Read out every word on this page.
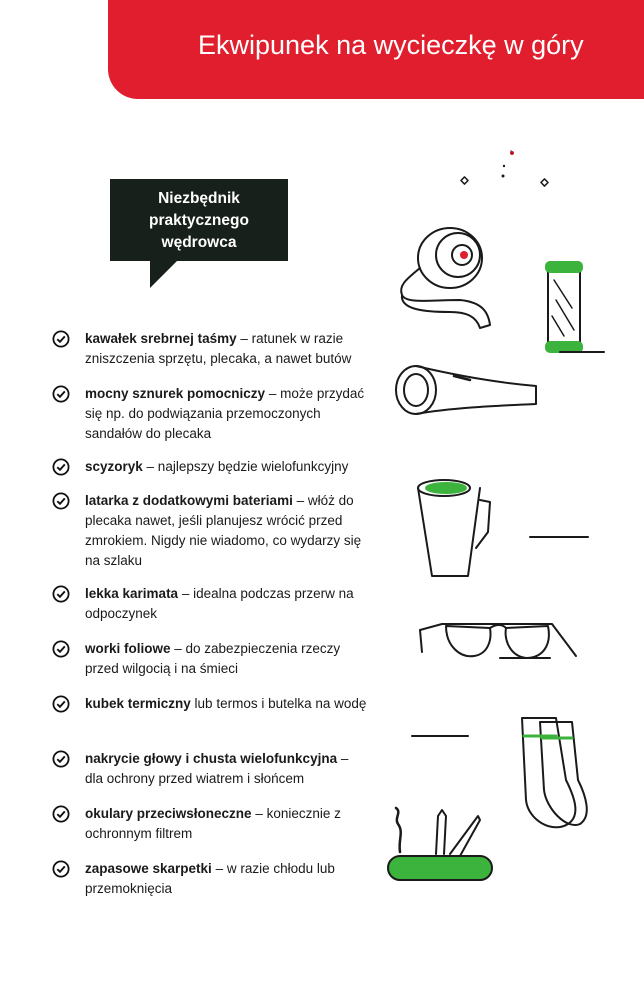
Ekwipunek na wycieczkę w góry
Niezbędnik
praktycznego
wędrowca
kawałek srebrnej taśmy – ratunek w razie zniszczenia sprzętu, plecaka, a nawet butów
mocny sznurek pomocniczy – może przydać się np. do podwiązania przemoczonych sandałów do plecaka
scyzoryk – najlepszy będzie wielofunkcyjny
latarka z dodatkowymi bateriami – włóż do plecaka nawet, jeśli planujesz wrócić przed zmrokiem. Nigdy nie wiadomo, co wydarzy się na szlaku
lekka karimata – idealna podczas przerw na odpoczynek
worki foliowe – do zabezpieczenia rzeczy przed wilgocią i na śmieci
kubek termiczny lub termos i butelka na wodę
nakrycie głowy i chusta wielofunkcyjna – dla ochrony przed wiatrem i słońcem
okulary przeciwsłoneczne – koniecznie z ochronnym filtrem
zapasowe skarpetki – w razie chłodu lub przemoknięcia
